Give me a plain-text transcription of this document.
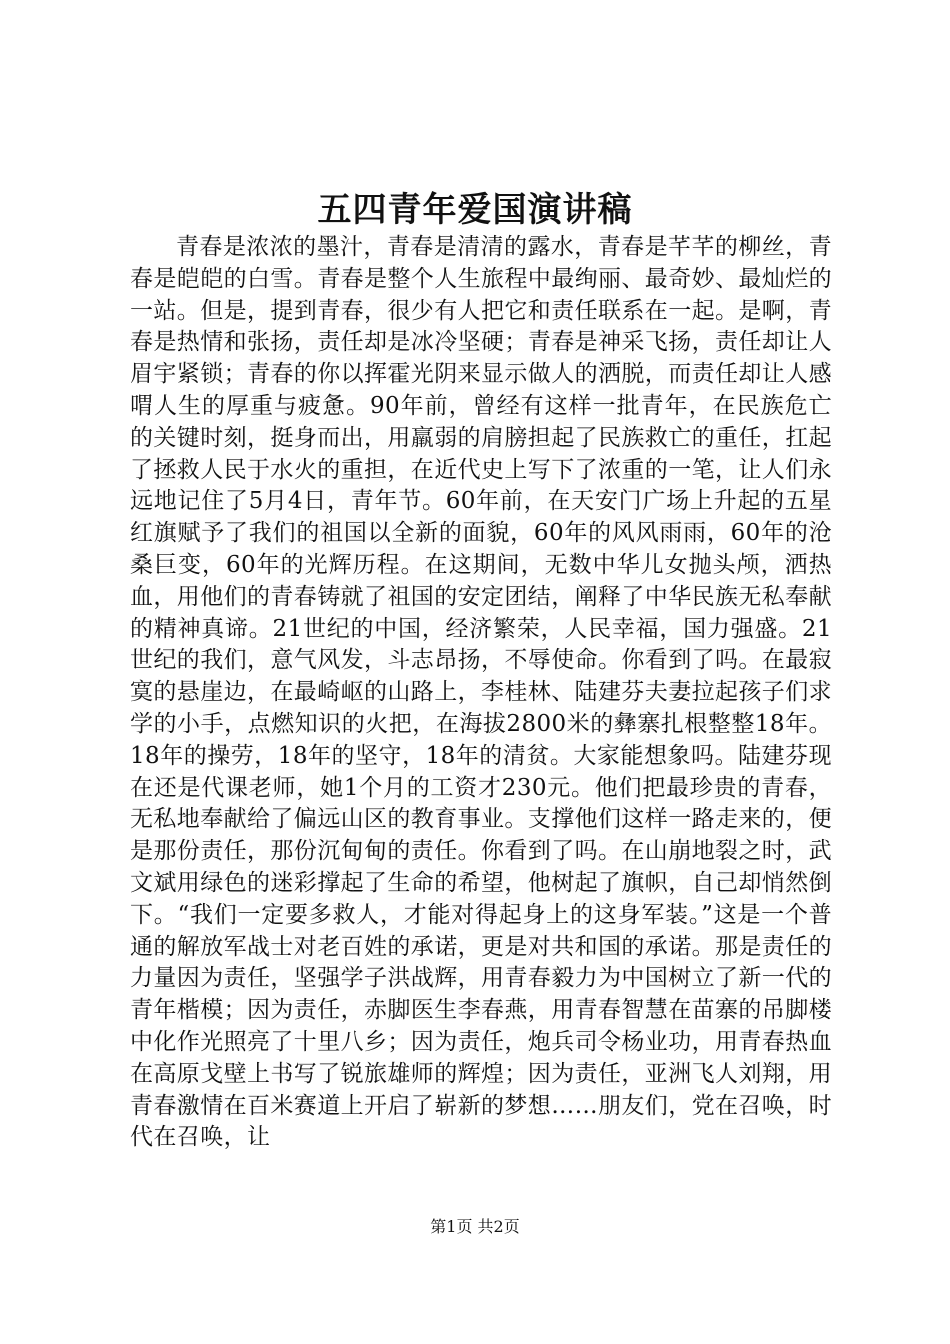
五四青年爱国演讲稿

青春是浓浓的墨汁，青春是清清的露水，青春是芊芊的柳丝，青春是皑皑的白雪。青春是整个人生旅程中最绚丽、最奇妙、最灿烂的一站。但是，提到青春，很少有人把它和责任联系在一起。是啊，青春是热情和张扬，责任却是冰冷坚硬；青春是神采飞扬，责任却让人眉宇紧锁；青春的你以挥霍光阴来显示做人的洒脱，而责任却让人感喟人生的厚重与疲惫。90年前，曾经有这样一批青年，在民族危亡的关键时刻，挺身而出，用羸弱的肩膀担起了民族救亡的重任，扛起了拯救人民于水火的重担，在近代史上写下了浓重的一笔，让人们永远地记住了5月4日，青年节。60年前，在天安门广场上升起的五星红旗赋予了我们的祖国以全新的面貌，60年的风风雨雨，60年的沧桑巨变，60年的光辉历程。在这期间，无数中华儿女抛头颅，洒热血，用他们的青春铸就了祖国的安定团结，阐释了中华民族无私奉献的精神真谛。21世纪的中国，经济繁荣，人民幸福，国力强盛。21世纪的我们，意气风发，斗志昂扬，不辱使命。你看到了吗。在最寂寞的悬崖边，在最崎岖的山路上，李桂林、陆建芬夫妻拉起孩子们求学的小手，点燃知识的火把，在海拔2800米的彝寨扎根整整18年。18年的操劳，18年的坚守，18年的清贫。大家能想象吗。陆建芬现在还是代课老师，她1个月的工资才230元。他们把最珍贵的青春，无私地奉献给了偏远山区的教育事业。支撑他们这样一路走来的，便是那份责任，那份沉甸甸的责任。你看到了吗。在山崩地裂之时，武文斌用绿色的迷彩撑起了生命的希望，他树起了旗帜，自己却悄然倒下。“我们一定要多救人，才能对得起身上的这身军装。”这是一个普通的解放军战士对老百姓的承诺，更是对共和国的承诺。那是责任的力量因为责任，坚强学子洪战辉，用青春毅力为中国树立了新一代的青年楷模；因为责任，赤脚医生李春燕，用青春智慧在苗寨的吊脚楼中化作光照亮了十里八乡；因为责任，炮兵司令杨业功，用青春热血在高原戈壁上书写了锐旅雄师的辉煌；因为责任，亚洲飞人刘翔，用青春激情在百米赛道上开启了崭新的梦想……朋友们，党在召唤，时代在召唤，让

第1页 共2页
